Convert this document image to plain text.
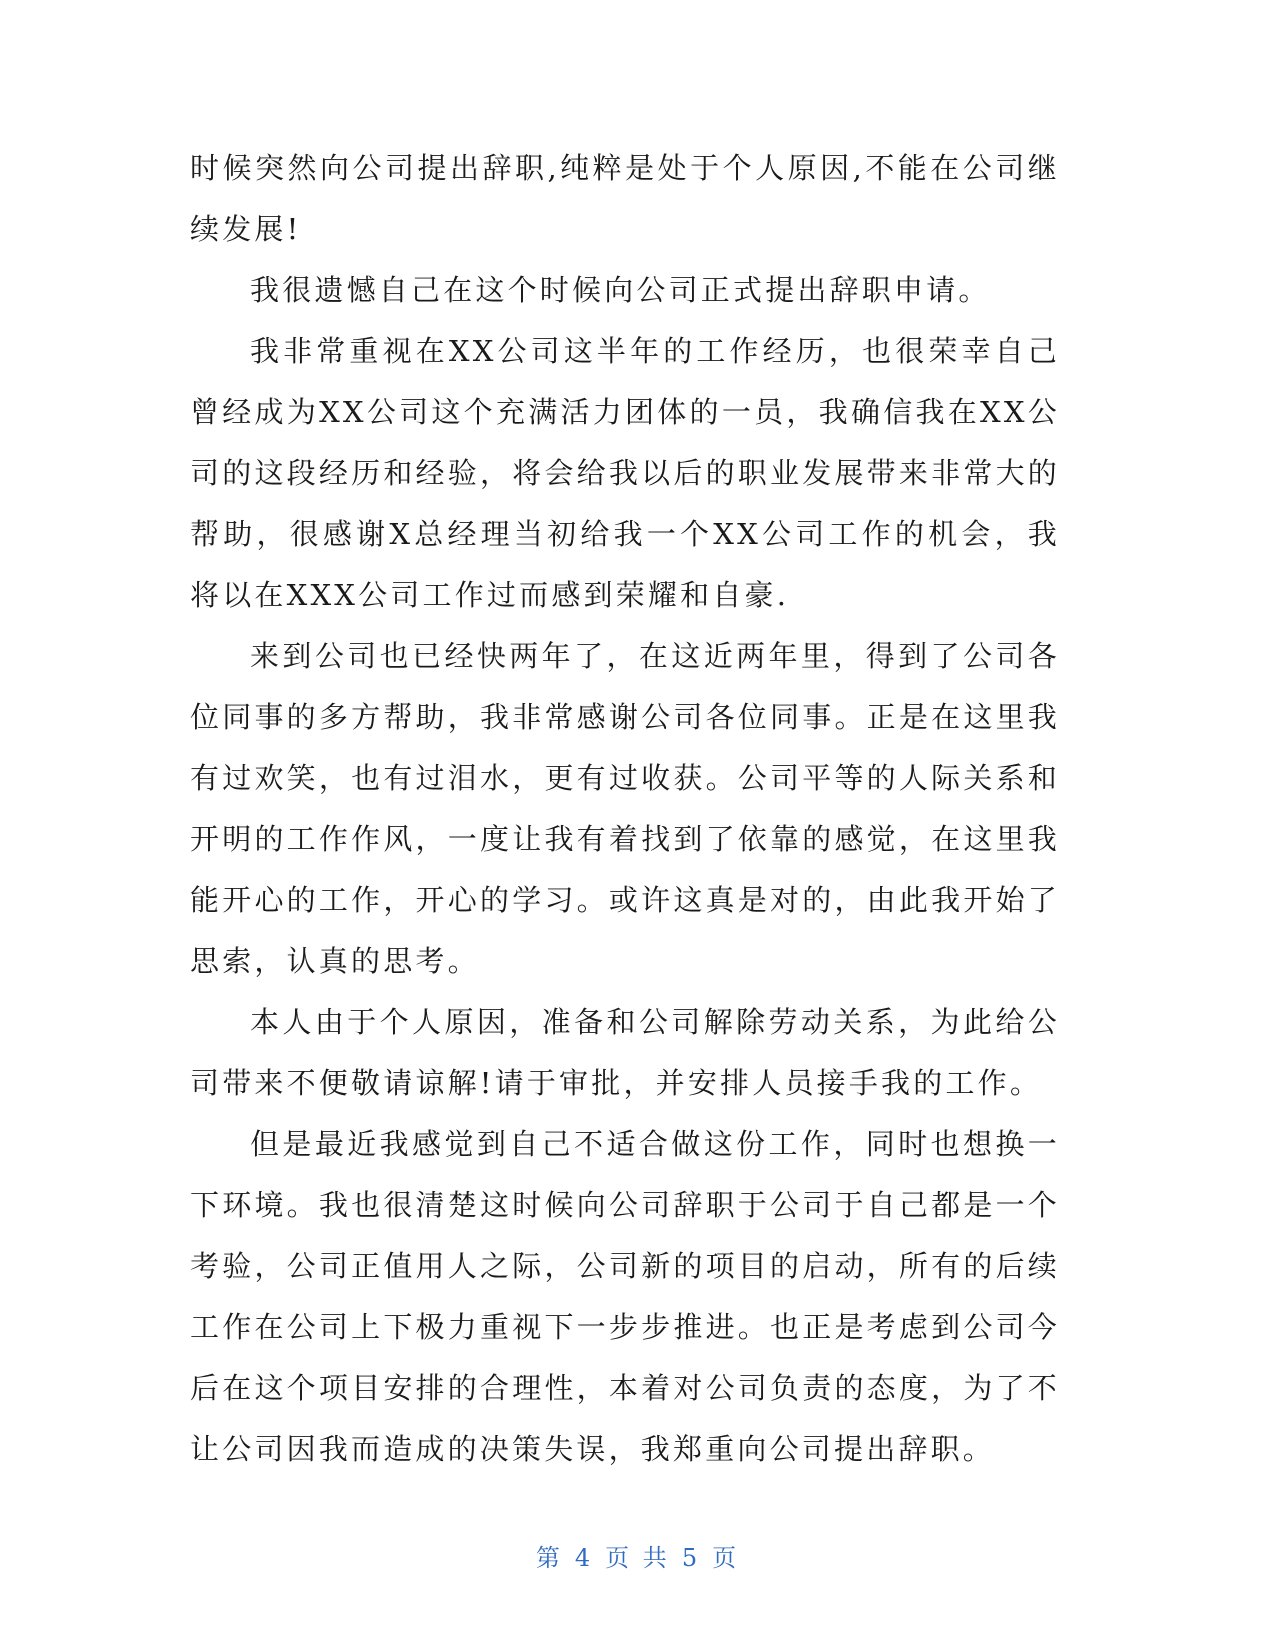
时候突然向公司提出辞职,纯粹是处于个人原因,不能在公司继续发展!

我很遗憾自己在这个时候向公司正式提出辞职申请。

我非常重视在XX公司这半年的工作经历，也很荣幸自己曾经成为XX公司这个充满活力团体的一员，我确信我在XX公司的这段经历和经验，将会给我以后的职业发展带来非常大的帮助，很感谢X总经理当初给我一个XX公司工作的机会，我将以在XXX公司工作过而感到荣耀和自豪.

来到公司也已经快两年了，在这近两年里，得到了公司各位同事的多方帮助，我非常感谢公司各位同事。正是在这里我有过欢笑，也有过泪水，更有过收获。公司平等的人际关系和开明的工作作风，一度让我有着找到了依靠的感觉，在这里我能开心的工作，开心的学习。或许这真是对的，由此我开始了思索，认真的思考。

本人由于个人原因，准备和公司解除劳动关系，为此给公司带来不便敬请谅解!请于审批，并安排人员接手我的工作。

但是最近我感觉到自己不适合做这份工作，同时也想换一下环境。我也很清楚这时候向公司辞职于公司于自己都是一个考验，公司正值用人之际，公司新的项目的启动，所有的后续工作在公司上下极力重视下一步步推进。也正是考虑到公司今后在这个项目安排的合理性，本着对公司负责的态度，为了不让公司因我而造成的决策失误，我郑重向公司提出辞职。

第 4 页 共 5 页
